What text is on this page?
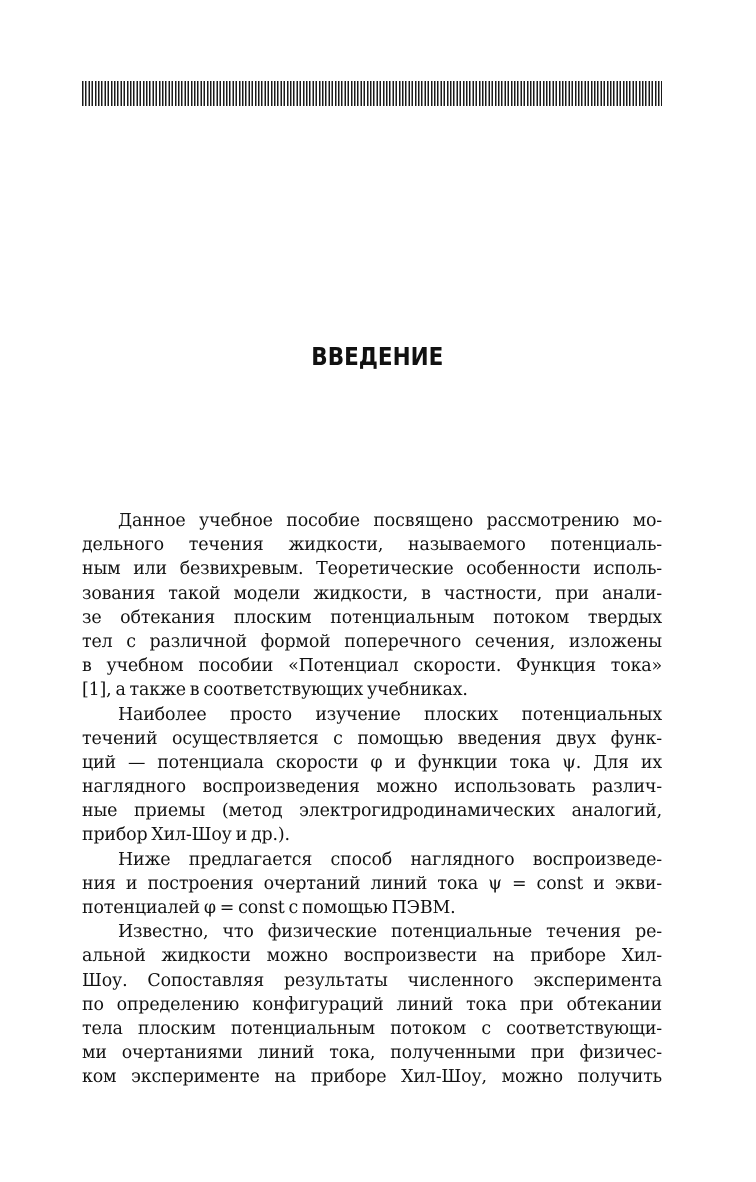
ВВЕДЕНИЕ
Данное учебное пособие посвящено рассмотрению мо-
дельного течения жидкости, называемого потенциаль-
ным или безвихревым. Теоретические особенности исполь-
зования такой модели жидкости, в частности, при анали-
зе обтекания плоским потенциальным потоком твердых
тел с различной формой поперечного сечения, изложены
в учебном пособии «Потенциал скорости. Функция тока»
[1], а также в соответствующих учебниках.
Наиболее просто изучение плоских потенциальных
течений осуществляется с помощью введения двух функ-
ций — потенциала скорости φ и функции тока ψ. Для их
наглядного воспроизведения можно использовать различ-
ные приемы (метод электрогидродинамических аналогий,
прибор Хил-Шоу и др.).
Ниже предлагается способ наглядного воспроизведе-
ния и построения очертаний линий тока ψ = const и экви-
потенциалей φ = const с помощью ПЭВМ.
Известно, что физические потенциальные течения ре-
альной жидкости можно воспроизвести на приборе Хил-
Шоу. Сопоставляя результаты численного эксперимента
по определению конфигураций линий тока при обтекании
тела плоским потенциальным потоком с соответствующи-
ми очертаниями линий тока, полученными при физичес-
ком эксперименте на приборе Хил-Шоу, можно получить
